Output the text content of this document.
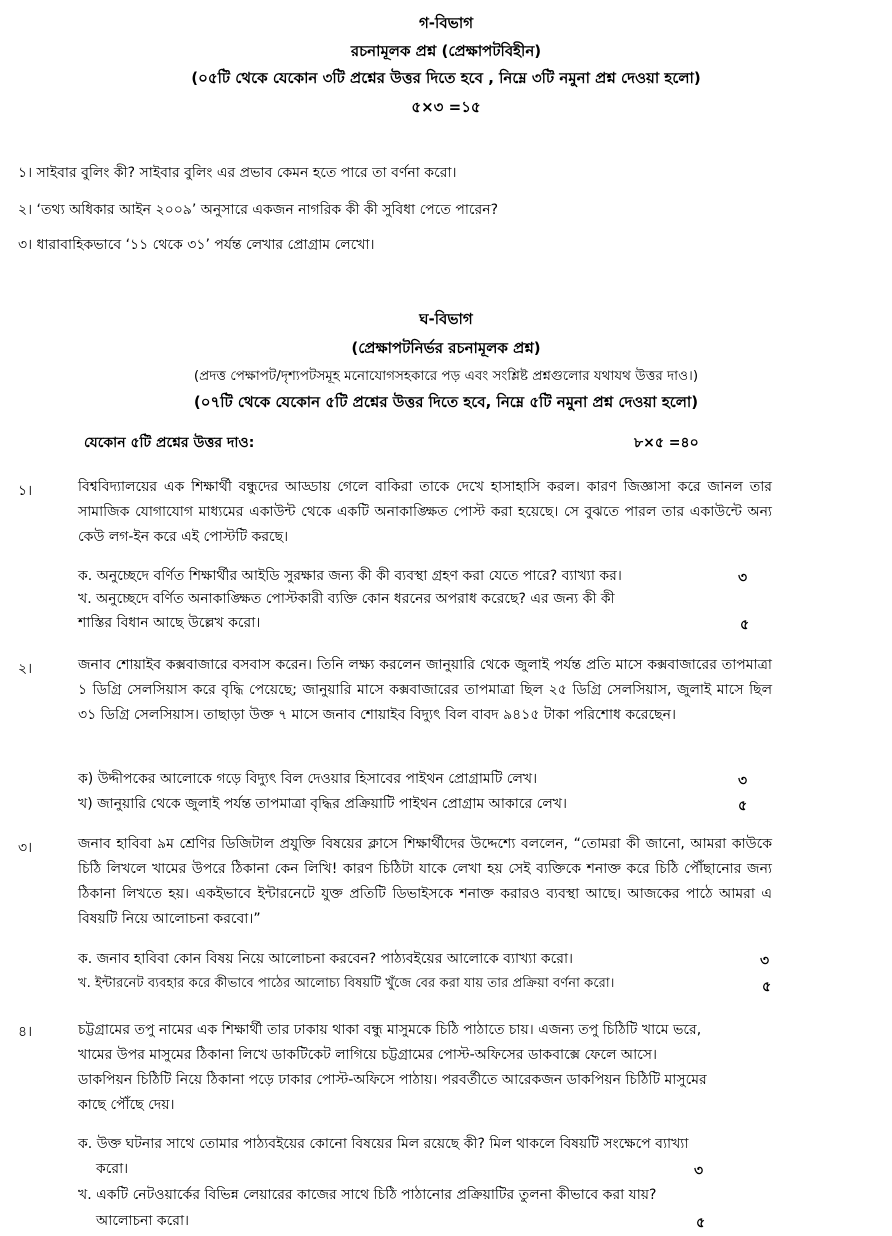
গ-বিভাগ
রচনামূলক প্রশ্ন (প্রেক্ষাপটবিহীন)
(০৫টি থেকে যেকোন ৩টি প্রশ্নের উত্তর দিতে হবে , নিম্নে ৩টি নমুনা প্রশ্ন দেওয়া হলো)
৫×৩ =১৫
১। সাইবার বুলিং কী? সাইবার বুলিং এর প্রভাব কেমন হতে পারে তা বর্ণনা করো।
২। ‘তথ্য অধিকার আইন ২০০৯’ অনুসারে একজন নাগরিক কী কী সুবিধা পেতে পারেন?
৩। ধারাবাহিকভাবে ‘১১ থেকে ৩১’ পর্যন্ত লেখার প্রোগ্রাম লেখো।
ঘ-বিভাগ
(প্রেক্ষাপটনির্ভর রচনামূলক প্রশ্ন)
(প্রদত্ত পেক্ষাপট/দৃশ্যপটসমূহ মনোযোগসহকারে পড় এবং সংশ্লিষ্ট প্রশ্নগুলোর যথাযথ উত্তর দাও।)
(০৭টি থেকে যেকোন ৫টি প্রশ্নের উত্তর দিতে হবে, নিম্নে ৫টি নমুনা প্রশ্ন দেওয়া হলো)
যেকোন ৫টি প্রশ্নের উত্তর দাও:	৮×৫ =৪০
১।	বিশ্ববিদ্যালয়ের এক শিক্ষার্থী বন্ধুদের আড্ডায় গেলে বাকিরা তাকে দেখে হাসাহাসি করল। কারণ জিজ্ঞাসা করে জানল তার সামাজিক যোগাযোগ মাধ্যমের একাউন্ট থেকে একটি অনাকাঙ্ক্ষিত পোস্ট করা হয়েছে। সে বুঝতে পারল তার একাউন্টে অন্য কেউ লগ-ইন করে এই পোস্টটি করছে।
ক. অনুচ্ছেদে বর্ণিত শিক্ষার্থীর আইডি সুরক্ষার জন্য কী কী ব্যবস্থা গ্রহণ করা যেতে পারে? ব্যাখ্যা কর।	৩
খ. অনুচ্ছেদে বর্ণিত অনাকাঙ্ক্ষিত পোস্টকারী ব্যক্তি কোন ধরনের অপরাধ করেছে? এর জন্য কী কী
শাস্তির বিধান আছে উল্লেখ করো।	৫
২।	জনাব শোয়াইব কক্সবাজারে বসবাস করেন। তিনি লক্ষ্য করলেন জানুয়ারি থেকে জুলাই পর্যন্ত প্রতি মাসে কক্সবাজারের তাপমাত্রা ১ ডিগ্রি সেলসিয়াস করে বৃদ্ধি পেয়েছে; জানুয়ারি মাসে কক্সবাজারের তাপমাত্রা ছিল ২৫ ডিগ্রি সেলসিয়াস, জুলাই মাসে ছিল ৩১ ডিগ্রি সেলসিয়াস। তাছাড়া উক্ত ৭ মাসে জনাব শোয়াইব বিদ্যুৎ বিল বাবদ ৯৪১৫ টাকা পরিশোধ করেছেন।
ক) উদ্দীপকের আলোকে গড়ে বিদ্যুৎ বিল দেওয়ার হিসাবের পাইথন প্রোগ্রামটি লেখ।	৩
খ) জানুয়ারি থেকে জুলাই পর্যন্ত তাপমাত্রা বৃদ্ধির প্রক্রিয়াটি পাইথন প্রোগ্রাম আকারে লেখ।	৫
৩।	জনাব হাবিবা ৯ম শ্রেণির ডিজিটাল প্রযুক্তি বিষয়ের ক্লাসে শিক্ষার্থীদের উদ্দেশ্যে বললেন, “তোমরা কী জানো, আমরা কাউকে চিঠি লিখলে খামের উপরে ঠিকানা কেন লিখি! কারণ চিঠিটা যাকে লেখা হয় সেই ব্যক্তিকে শনাক্ত করে চিঠি পৌঁছানোর জন্য ঠিকানা লিখতে হয়। একইভাবে ইন্টারনেটে যুক্ত প্রতিটি ডিভাইসকে শনাক্ত করারও ব্যবস্থা আছে। আজকের পাঠে আমরা এ বিষয়টি নিয়ে আলোচনা করবো।”
ক. জনাব হাবিবা কোন বিষয় নিয়ে আলোচনা করবেন? পাঠ্যবইয়ের আলোকে ব্যাখ্যা করো।	৩
খ. ইন্টারনেট ব্যবহার করে কীভাবে পাঠের আলোচ্য বিষয়টি খুঁজে বের করা যায় তার প্রক্রিয়া বর্ণনা করো।	৫
৪।	চট্টগ্রামের তপু নামের এক শিক্ষার্থী তার ঢাকায় থাকা বন্ধু মাসুমকে চিঠি পাঠাতে চায়। এজন্য তপু চিঠিটি খামে ভরে,
খামের উপর মাসুমের ঠিকানা লিখে ডাকটিকেট লাগিয়ে চট্টগ্রামের পোস্ট-অফিসের ডাকবাক্সে ফেলে আসে।
ডাকপিয়ন চিঠিটি নিয়ে ঠিকানা পড়ে ঢাকার পোস্ট-অফিসে পাঠায়। পরবর্তীতে আরেকজন ডাকপিয়ন চিঠিটি মাসুমের
কাছে পৌঁছে দেয়।
ক. উক্ত ঘটনার সাথে তোমার পাঠ্যবইয়ের কোনো বিষয়ের মিল রয়েছে কী? মিল থাকলে বিষয়টি সংক্ষেপে ব্যাখ্যা
করো।	৩
খ. একটি নেটওয়ার্কের বিভিন্ন লেয়ারের কাজের সাথে চিঠি পাঠানোর প্রক্রিয়াটির তুলনা কীভাবে করা যায়?
আলোচনা করো।	৫
